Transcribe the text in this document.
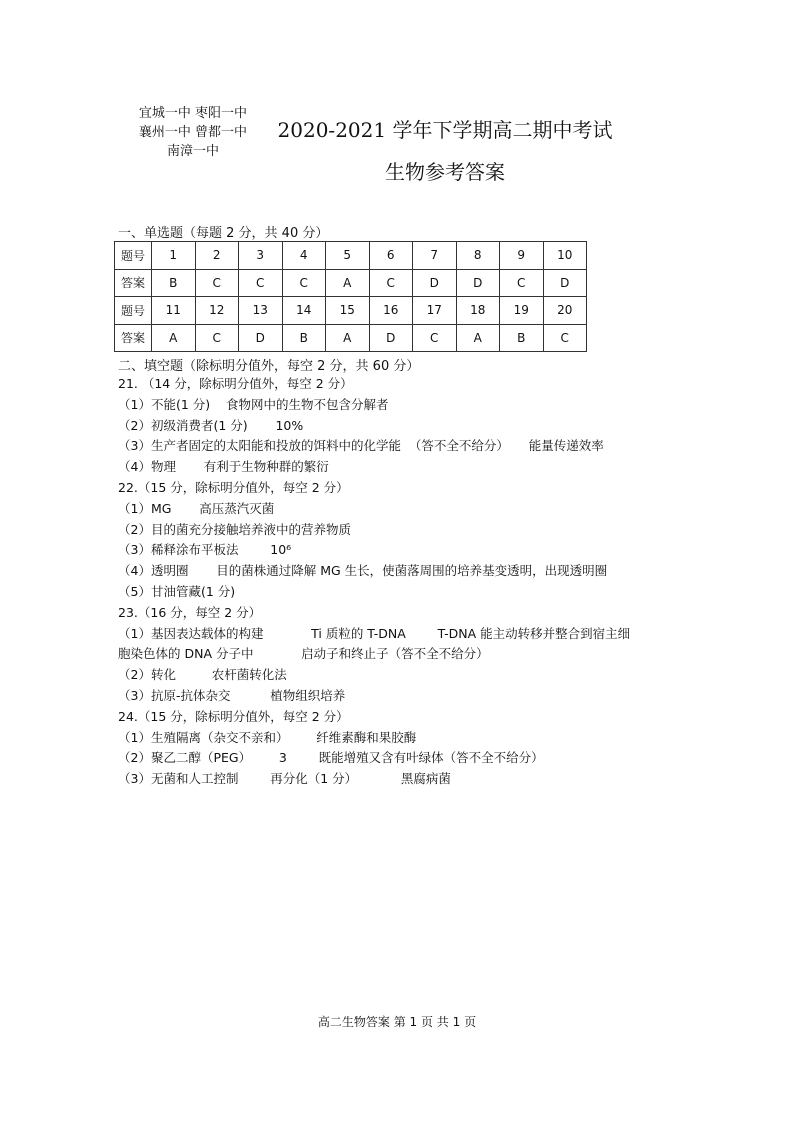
宜城一中 枣阳一中
襄州一中 曾都一中
南漳一中
2020-2021 学年下学期高二期中考试
生物参考答案
一、单选题（每题 2 分，共 40 分）
题号	1	2	3	4	5	6	7	8	9	10
答案	B	C	C	C	A	C	D	D	C	D
题号	11	12	13	14	15	16	17	18	19	20
答案	A	C	D	B	A	D	C	A	B	C
二、填空题（除标明分值外，每空 2 分，共 60 分）
21. （14 分，除标明分值外，每空 2 分）
（1）不能(1 分)    食物网中的生物不包含分解者
（2）初级消费者(1 分)       10%
（3）生产者固定的太阳能和投放的饵料中的化学能  （答不全不给分）     能量传递效率
（4）物理       有利于生物种群的繁衍
22.（15 分，除标明分值外，每空 2 分）
（1）MG       高压蒸汽灭菌
（2）目的菌充分接触培养液中的营养物质
（3）稀释涂布平板法        10⁶
（4）透明圈       目的菌株通过降解 MG 生长，使菌落周围的培养基变透明，出现透明圈
（5）甘油管藏(1 分)
23.（16 分，每空 2 分）
（1）基因表达载体的构建            Ti 质粒的 T-DNA        T-DNA 能主动转移并整合到宿主细
胞染色体的 DNA 分子中            启动子和终止子（答不全不给分）
（2）转化         农杆菌转化法
（3）抗原-抗体杂交          植物组织培养
24.（15 分，除标明分值外，每空 2 分）
（1）生殖隔离（杂交不亲和）       纤维素酶和果胶酶
（2）聚乙二醇（PEG）       3        既能增殖又含有叶绿体（答不全不给分）
（3）无菌和人工控制        再分化（1 分）           黑腐病菌
高二生物答案 第 1 页 共 1 页
